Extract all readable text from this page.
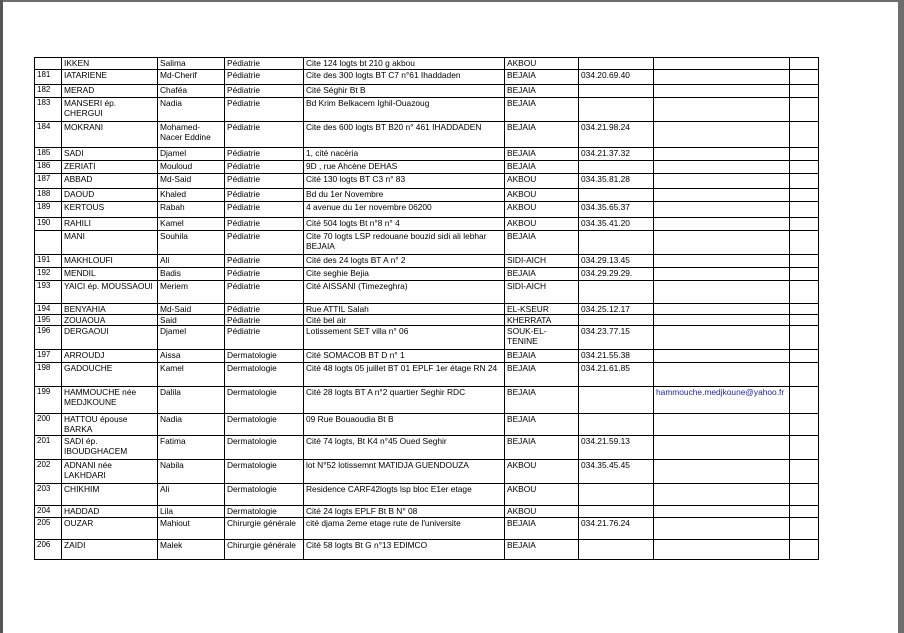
	IKKEN	Salima	Pédiatrie	Cite 124 logts bt 210 g akbou	AKBOU			
181	IATARIENE	Md-Cherif	Pédiatrie	Cite des 300 logts BT C7 n°61 Ihaddaden	BEJAIA	034.20.69.40		
182	MERAD	Chaféa	Pédiatrie	Cité Séghir Bt B	BEJAIA			
183	MANSERI ép. CHERGUI	Nadia	Pédiatrie	Bd Krim Belkacem Ighil-Ouazoug	BEJAIA			
184	MOKRANI	Mohamed-Nacer Eddine	Pédiatrie	Cite des 600 logts BT B20 n° 461 IHADDADEN	BEJAIA	034.21.98.24		
185	SADI	Djamel	Pédiatrie	1, cité nacéria	BEJAIA	034.21.37.32		
186	ZERIATI	Mouloud	Pédiatrie	9D , rue Ahcène DEHAS	BEJAIA			
187	ABBAD	Md-Said	Pédiatrie	Cité 130 logts BT C3 n° 83	AKBOU	034.35.81.28		
188	DAOUD	Khaled	Pédiatrie	Bd du 1er Novembre	AKBOU			
189	KERTOUS	Rabah	Pédiatrie	4 avenue du 1er novembre 06200	AKBOU	034.35.65.37		
190	RAHILI	Kamel	Pédiatrie	Cité 504 logts Bt n°8 n° 4	AKBOU	034.35.41.20		
	MANI	Souhila	Pédiatrie	Cite 70 logts LSP redouane bouzid sidi ali lebhar BEJAIA	BEJAIA			
191	MAKHLOUFI	Ali	Pédiatrie	Cité des 24 logts BT A n° 2	SIDI-AICH	034.29.13.45		
192	MENDIL	Badis	Pédiatrie	Cite seghie Bejia	BEJAIA	034.29.29.29.		
193	YAICI ép. MOUSSAOUI	Meriem	Pédiatrie	Cité AISSANI (Timezeghra)	SIDI-AICH			
194	BENYAHIA	Md-Said	Pédiatrie	Rue ATTIL Salah	EL-KSEUR	034.25.12.17		
195	ZOUAOUA	Said	Pédiatrie	Cité bel air	KHERRATA			
196	DERGAOUI	Djamel	Pédiatrie	Lotissement SET villa n° 06	SOUK-EL-TENINE	034.23.77.15		
197	ARROUDJ	Aissa	Dermatologie	Cité SOMACOB BT D n° 1	BEJAIA	034.21.55.38		
198	GADOUCHE	Kamel	Dermatologie	Cité 48 logts 05 juillet BT 01 EPLF 1er étage RN 24	BEJAIA	034.21.61.85		
199	HAMMOUCHE née MEDJKOUNE	Dalila	Dermatologie	Cité 28 logts BT A n°2 quartier Seghir RDC	BEJAIA		hammouche.medjkoune@yahoo.fr	
200	HATTOU épouse BARKA	Nadia	Dermatologie	09 Rue Bouaoudia Bt B	BEJAIA			
201	SADI ép. IBOUDGHACEM	Fatima	Dermatologie	Cité 74 logts, Bt K4 n°45 Oued Seghir	BEJAIA	034.21.59.13		
202	ADNANI née LAKHDARI	Nabila	Dermatologie	lot N°52 lotissemnt MATIDJA GUENDOUZA	AKBOU	034.35.45.45		
203	CHIKHIM	Ali	Dermatologie	Residence CARF42logts lsp bloc E1er etage	AKBOU			
204	HADDAD	Lila	Dermatologie	Cité 24 logts EPLF Bt B N° 08	AKBOU			
205	OUZAR	Mahiout	Chirurgie générale	cité djama 2eme etage rute de l'universite	BEJAIA	034.21.76.24		
206	ZAIDI	Malek	Chirurgie générale	Cité 58 logts Bt G n°13 EDIMCO	BEJAIA			
